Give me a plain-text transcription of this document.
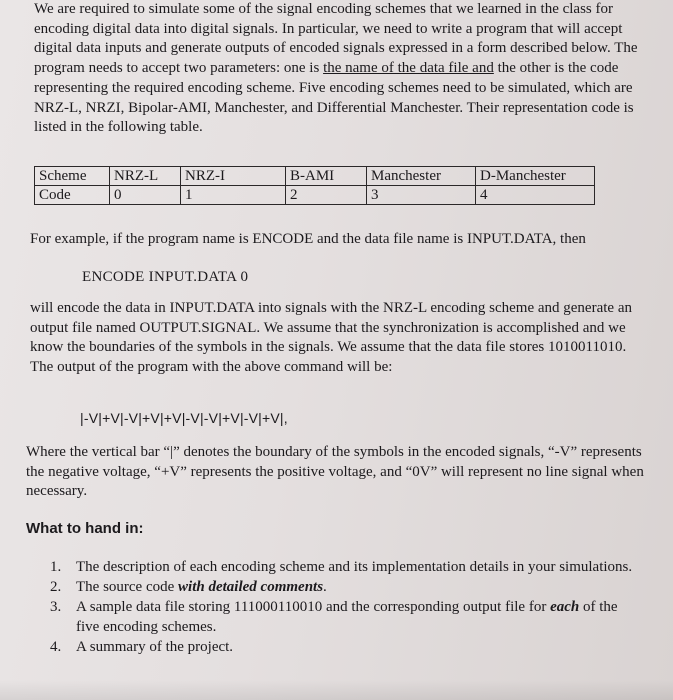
We are required to simulate some of the signal encoding schemes that we learned in the class for encoding digital data into digital signals. In particular, we need to write a program that will accept digital data inputs and generate outputs of encoded signals expressed in a form described below. The program needs to accept two parameters: one is the name of the data file and the other is the code representing the required encoding scheme. Five encoding schemes need to be simulated, which are NRZ-L, NRZI, Bipolar-AMI, Manchester, and Differential Manchester. Their representation code is listed in the following table.

Scheme	NRZ-L	NRZ-I	B-AMI	Manchester	D-Manchester
Code	0	1	2	3	4

For example, if the program name is ENCODE and the data file name is INPUT.DATA, then

ENCODE INPUT.DATA 0

will encode the data in INPUT.DATA into signals with the NRZ-L encoding scheme and generate an output file named OUTPUT.SIGNAL. We assume that the synchronization is accomplished and we know the boundaries of the symbols in the signals. We assume that the data file stores 1010011010. The output of the program with the above command will be:

|-V|+V|-V|+V|+V|-V|-V|+V|-V|+V|,

Where the vertical bar “|” denotes the boundary of the symbols in the encoded signals, “-V” represents the negative voltage, “+V” represents the positive voltage, and “0V” will represent no line signal when necessary.

What to hand in:
1. The description of each encoding scheme and its implementation details in your simulations.
2. The source code with detailed comments.
3. A sample data file storing 111000110010 and the corresponding output file for each of the five encoding schemes.
4. A summary of the project.
